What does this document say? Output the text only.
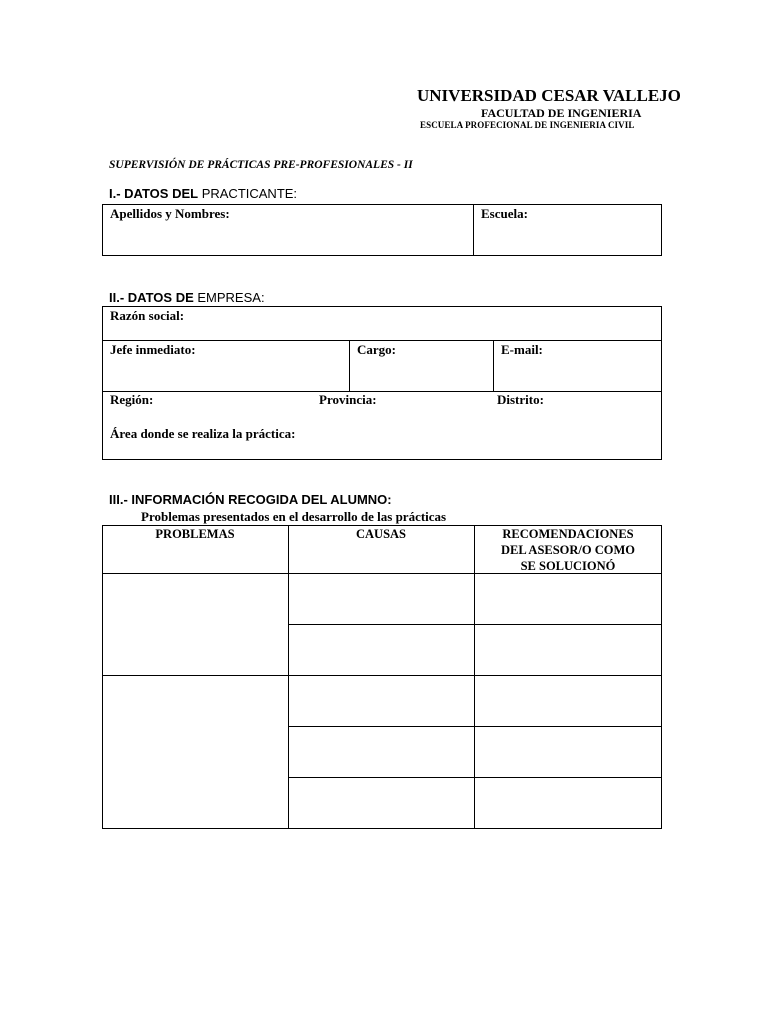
UNIVERSIDAD CESAR VALLEJO
FACULTAD DE INGENIERIA
ESCUELA PROFECIONAL DE INGENIERIA CIVIL
SUPERVISIÓN DE PRÁCTICAS PRE-PROFESIONALES - II
I.- DATOS DEL PRACTICANTE:
Apellidos y Nombres:	Escuela:
II.- DATOS DE EMPRESA:
Razón social:
Jefe inmediato:	Cargo:	E-mail:
Región:	Provincia:	Distrito:
Área donde se realiza la práctica:
III.- INFORMACIÓN RECOGIDA DEL ALUMNO:
Problemas presentados en el desarrollo de las prácticas
PROBLEMAS	CAUSAS	RECOMENDACIONES
DEL ASESOR/O COMO
SE SOLUCIONÓ
